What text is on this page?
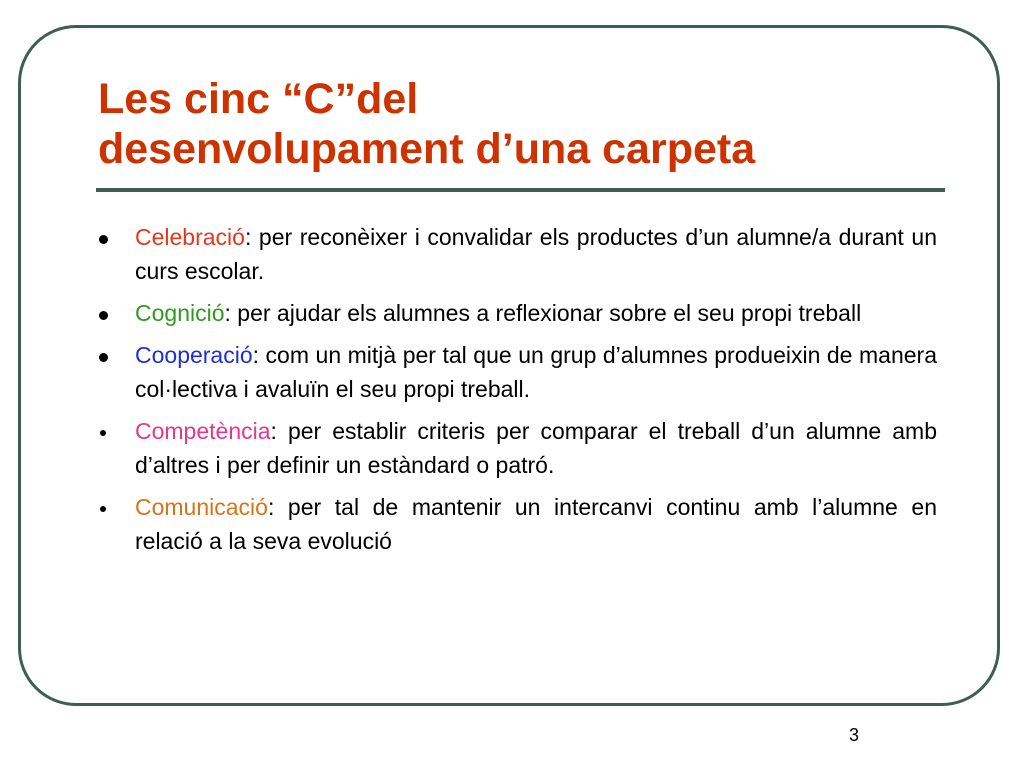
Les cinc “C”del
desenvolupament d’una carpeta
Celebració: per reconèixer i convalidar els productes d’un alumne/a durant un curs escolar.
Cognició: per ajudar els alumnes a reflexionar sobre el seu propi treball
Cooperació: com un mitjà per tal que un grup d’alumnes produeixin de manera col·lectiva i avaluïn el seu propi treball.
Competència: per establir criteris per comparar el treball d’un alumne amb d’altres i per definir un estàndard o patró.
Comunicació: per tal de mantenir un intercanvi continu amb l’alumne en relació a la seva evolució
3
